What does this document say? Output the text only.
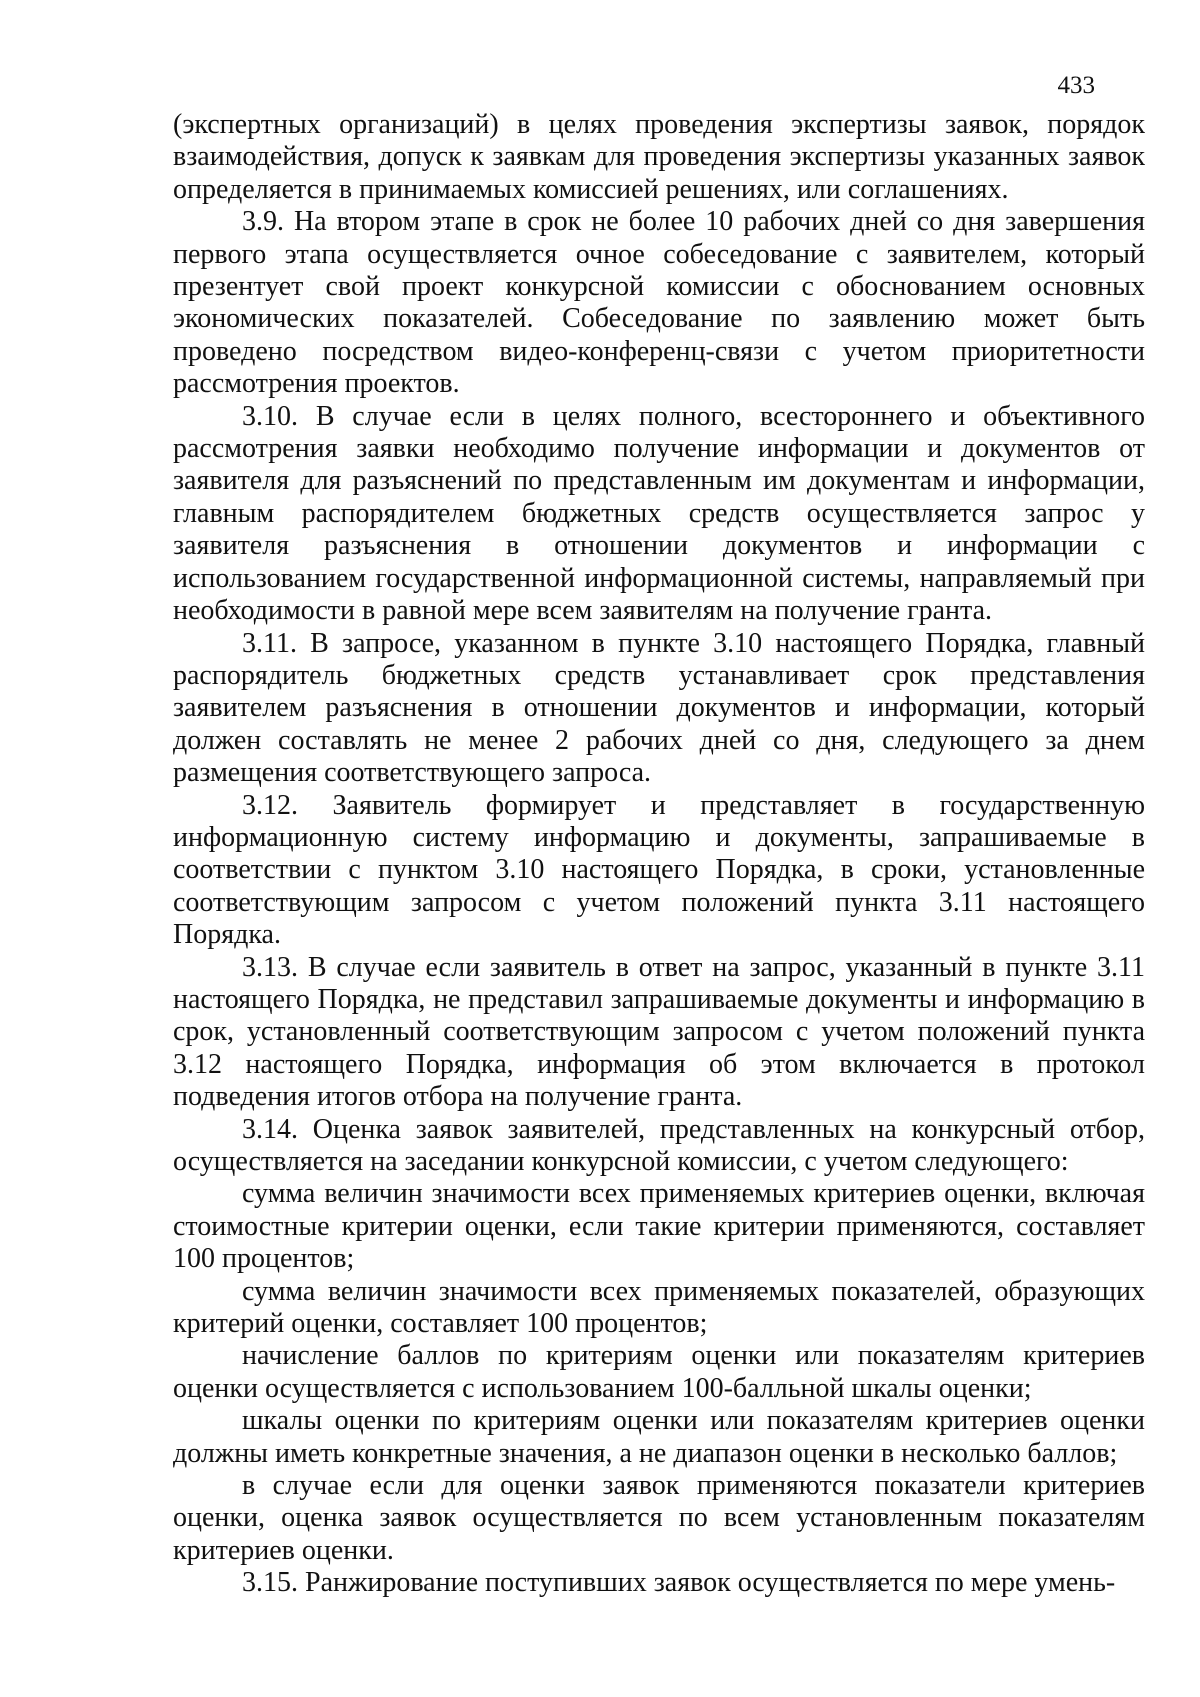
433

(экспертных организаций) в целях проведения экспертизы заявок, порядок взаимодействия, допуск к заявкам для проведения экспертизы указанных заявок определяется в принимаемых комиссией решениях, или соглашениях.

3.9. На втором этапе в срок не более 10 рабочих дней со дня завершения первого этапа осуществляется очное собеседование с заявителем, который презентует свой проект конкурсной комиссии с обоснованием основных экономических показателей. Собеседование по заявлению может быть проведено посредством видео-конференц-связи с учетом приоритетности рассмотрения проектов.

3.10. В случае если в целях полного, всестороннего и объективного рассмотрения заявки необходимо получение информации и документов от заявителя для разъяснений по представленным им документам и информации, главным распорядителем бюджетных средств осуществляется запрос у заявителя разъяснения в отношении документов и информации с использованием государственной информационной системы, направляемый при необходимости в равной мере всем заявителям на получение гранта.

3.11. В запросе, указанном в пункте 3.10 настоящего Порядка, главный распорядитель бюджетных средств устанавливает срок представления заявителем разъяснения в отношении документов и информации, который должен составлять не менее 2 рабочих дней со дня, следующего за днем размещения соответствующего запроса.

3.12. Заявитель формирует и представляет в государственную информационную систему информацию и документы, запрашиваемые в соответствии с пунктом 3.10 настоящего Порядка, в сроки, установленные соответствующим запросом с учетом положений пункта 3.11 настоящего Порядка.

3.13. В случае если заявитель в ответ на запрос, указанный в пункте 3.11 настоящего Порядка, не представил запрашиваемые документы и информацию в срок, установленный соответствующим запросом с учетом положений пункта 3.12 настоящего Порядка, информация об этом включается в протокол подведения итогов отбора на получение гранта.

3.14. Оценка заявок заявителей, представленных на конкурсный отбор, осуществляется на заседании конкурсной комиссии, с учетом следующего:

сумма величин значимости всех применяемых критериев оценки, включая стоимостные критерии оценки, если такие критерии применяются, составляет 100 процентов;

сумма величин значимости всех применяемых показателей, образующих критерий оценки, составляет 100 процентов;

начисление баллов по критериям оценки или показателям критериев оценки осуществляется с использованием 100-балльной шкалы оценки;

шкалы оценки по критериям оценки или показателям критериев оценки должны иметь конкретные значения, а не диапазон оценки в несколько баллов;

в случае если для оценки заявок применяются показатели критериев оценки, оценка заявок осуществляется по всем установленным показателям критериев оценки.

3.15. Ранжирование поступивших заявок осуществляется по мере умень-
